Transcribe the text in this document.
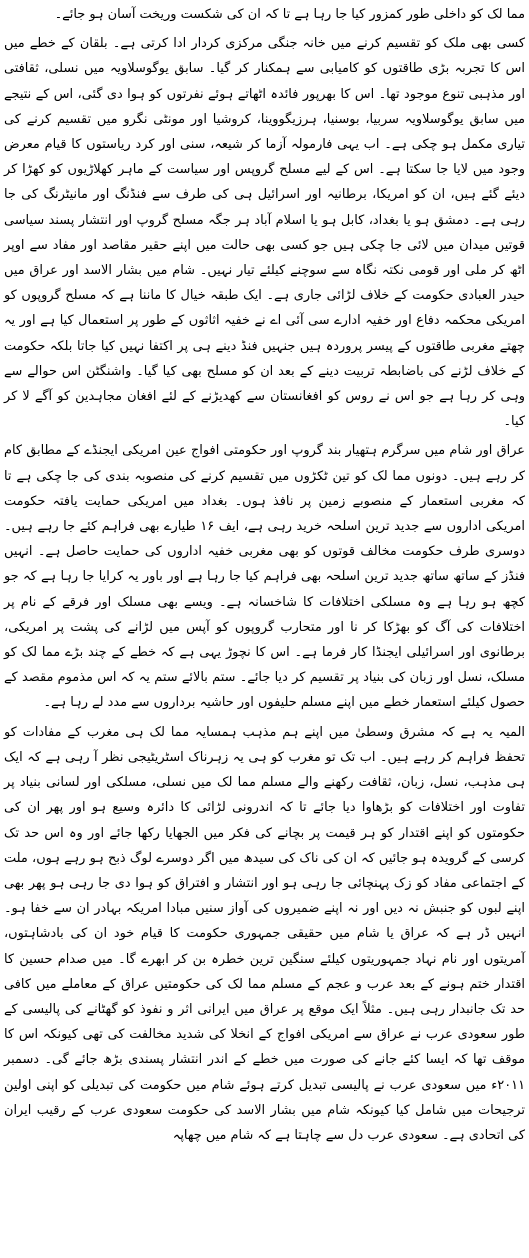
مما لک کو داخلی طور کمزور کیا جا رہا ہے تا کہ ان کی شکست وریخت آسان ہو جائے۔

کسی بھی ملک کو تقسیم کرنے میں خانہ جنگی مرکزی کردار ادا کرتی ہے۔ بلقان کے خطے میں اس کا تجربہ بڑی طاقتوں کو کامیابی سے ہمکنار کر گیا۔ سابق یوگوسلاویہ میں نسلی، ثقافتی اور مذہبی تنوع موجود تھا۔ اس کا بھرپور فائدہ اٹھاتے ہوئے نفرتوں کو ہوا دی گئی، اس کے نتیجے میں سابق یوگوسلاویہ سربیا، بوسنیا، ہرزیگووینا، کروشیا اور مونٹی نگرو میں تقسیم کرنے کی تیاری مکمل ہو چکی ہے۔ اب یہی فارمولہ آزما کر شیعہ، سنی اور کرد ریاستوں کا قیام معرض وجود میں لایا جا سکتا ہے۔ اس کے لیے مسلح گروپس اور سیاست کے ماہر کھلاڑیوں کو کھڑا کر دیئے گئے ہیں، ان کو امریکا، برطانیہ اور اسرائیل ہی کی طرف سے فنڈنگ اور مانیٹرنگ کی جا رہی ہے۔ دمشق ہو یا بغداد، کابل ہو یا اسلام آباد ہر جگہ مسلح گروپ اور انتشار پسند سیاسی قوتیں میدان میں لائی جا چکی ہیں جو کسی بھی حالت میں اپنے حقیر مقاصد اور مفاد سے اوپر اٹھ کر ملی اور قومی نکتہ نگاہ سے سوچنے کیلئے تیار نہیں۔ شام میں بشار الاسد اور عراق میں حیدر العبادی حکومت کے خلاف لڑائی جاری ہے۔ ایک طبقہ خیال کا ماننا ہے کہ مسلح گروپوں کو امریکی محکمہ دفاع اور خفیہ ادارے سی آئی اے نے خفیہ اثاثوں کے طور پر استعمال کیا ہے اور یہ چھتے مغربی طاقتوں کے پیسر پروردہ ہیں جنہیں فنڈ دینے ہی پر اکتفا نہیں کیا جاتا بلکہ حکومت کے خلاف لڑنے کی باضابطہ تربیت دینے کے بعد ان کو مسلح بھی کیا گیا۔ واشنگٹن اس حوالے سے وہی کر رہا ہے جو اس نے روس کو افغانستان سے کھدیڑنے کے لئے افغان مجاہدین کو آگے لا کر کیا۔

عراق اور شام میں سرگرم ہتھیار بند گروپ اور حکومتی افواج عین امریکی ایجنڈے کے مطابق کام کر رہے ہیں۔ دونوں مما لک کو تین ٹکڑوں میں تقسیم کرنے کی منصوبہ بندی کی جا چکی ہے تا کہ مغربی استعمار کے منصوبے زمین پر نافذ ہوں۔ بغداد میں امریکی حمایت یافتہ حکومت امریکی اداروں سے جدید ترین اسلحہ خرید رہی ہے، ایف ۱۶ طیارے بھی فراہم کئے جا رہے ہیں۔ دوسری طرف حکومت مخالف قوتوں کو بھی مغربی خفیہ اداروں کی حمایت حاصل ہے۔ انہیں فنڈز کے ساتھ ساتھ جدید ترین اسلحہ بھی فراہم کیا جا رہا ہے اور باور یہ کرایا جا رہا ہے کہ جو کچھ ہو رہا ہے وہ مسلکی اختلافات کا شاخسانہ ہے۔ ویسے بھی مسلک اور فرقے کے نام پر اختلافات کی آگ کو بھڑکا کر نا اور متحارب گروپوں کو آپس میں لڑانے کی پشت پر امریکی، برطانوی اور اسرائیلی ایجنڈا کار فرما ہے۔ اس کا نچوڑ یہی ہے کہ خطے کے چند بڑے مما لک کو مسلک، نسل اور زبان کی بنیاد پر تقسیم کر دیا جائے۔ ستم بالائے ستم یہ کہ اس مذموم مقصد کے حصول کیلئے استعمار خطے میں اپنے مسلم حلیفوں اور حاشیہ برداروں سے مدد لے رہا ہے۔

المیہ یہ ہے کہ مشرق وسطیٰ میں اپنے ہم مذہب ہمسایہ مما لک ہی مغرب کے مفادات کو تحفظ فراہم کر رہے ہیں۔ اب تک تو مغرب کو ہی یہ زہرناک اسٹریٹیجی نظر آ رہی ہے کہ ایک ہی مذہب، نسل، زبان، ثقافت رکھنے والے مسلم مما لک میں نسلی، مسلکی اور لسانی بنیاد پر تفاوت اور اختلافات کو بڑھاوا دیا جائے تا کہ اندرونی لڑائی کا دائرہ وسیع ہو اور پھر ان کی حکومتوں کو اپنے اقتدار کو ہر قیمت پر بچانے کی فکر میں الجھایا رکھا جائے اور وہ اس حد تک کرسی کے گرویدہ ہو جائیں کہ ان کی ناک کی سیدھ میں اگر دوسرے لوگ ذبح ہو رہے ہوں، ملت کے اجتماعی مفاد کو زک پہنچائی جا رہی ہو اور انتشار و افتراق کو ہوا دی جا رہی ہو پھر بھی اپنے لبوں کو جنبش نہ دیں اور نہ اپنے ضمیروں کی آواز سنیں مبادا امریکہ بہادر ان سے خفا ہو۔ انہیں ڈر ہے کہ عراق یا شام میں حقیقی جمہوری حکومت کا قیام خود ان کی بادشاہتوں، آمریتوں اور نام نہاد جمہوریتوں کیلئے سنگین ترین خطرہ بن کر ابھرے گا۔ میں صدام حسین کا اقتدار ختم ہونے کے بعد عرب و عجم کے مسلم مما لک کی حکومتیں عراق کے معاملے میں کافی حد تک جانبدار رہی ہیں۔ مثلاً ایک موقع پر عراق میں ایرانی اثر و نفوذ کو گھٹانے کی پالیسی کے طور سعودی عرب نے عراق سے امریکی افواج کے انخلا کی شدید مخالفت کی تھی کیونکہ اس کا موقف تھا کہ ایسا کئے جانے کی صورت میں خطے کے اندر انتشار پسندی بڑھ جائے گی۔ دسمبر ۲۰۱۱ء میں سعودی عرب نے پالیسی تبدیل کرتے ہوئے شام میں حکومت کی تبدیلی کو اپنی اولین ترجیحات میں شامل کیا کیونکہ شام میں بشار الاسد کی حکومت سعودی عرب کے رقیب ایران کی اتحادی ہے۔ سعودی عرب دل سے چاہتا ہے کہ شام میں چھاپہ
